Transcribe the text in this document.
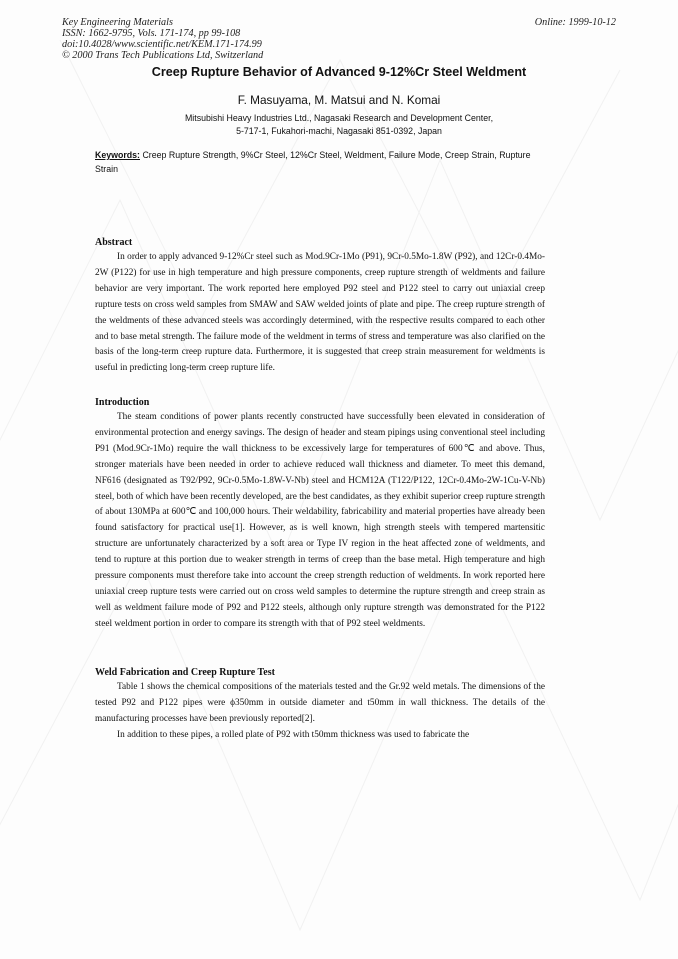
Key Engineering Materials
ISSN: 1662-9795, Vols. 171-174, pp 99-108
doi:10.4028/www.scientific.net/KEM.171-174.99
© 2000 Trans Tech Publications Ltd, Switzerland
Online: 1999-10-12
Creep Rupture Behavior of Advanced 9-12%Cr Steel Weldment
F. Masuyama, M. Matsui and N. Komai
Mitsubishi Heavy Industries Ltd., Nagasaki Research and Development Center,
5-717-1, Fukahori-machi, Nagasaki 851-0392, Japan
Keywords: Creep Rupture Strength, 9%Cr Steel, 12%Cr Steel, Weldment, Failure Mode, Creep Strain, Rupture Strain
Abstract

In order to apply advanced 9-12%Cr steel such as Mod.9Cr-1Mo (P91), 9Cr-0.5Mo-1.8W (P92), and 12Cr-0.4Mo-2W (P122) for use in high temperature and high pressure components, creep rupture strength of weldments and failure behavior are very important. The work reported here employed P92 steel and P122 steel to carry out uniaxial creep rupture tests on cross weld samples from SMAW and SAW welded joints of plate and pipe. The creep rupture strength of the weldments of these advanced steels was accordingly determined, with the respective results compared to each other and to base metal strength. The failure mode of the weldment in terms of stress and temperature was also clarified on the basis of the long-term creep rupture data. Furthermore, it is suggested that creep strain measurement for weldments is useful in predicting long-term creep rupture life.

Introduction

The steam conditions of power plants recently constructed have successfully been elevated in consideration of environmental protection and energy savings. The design of header and steam pipings using conventional steel including P91 (Mod.9Cr-1Mo) require the wall thickness to be excessively large for temperatures of 600℃ and above. Thus, stronger materials have been needed in order to achieve reduced wall thickness and diameter. To meet this demand, NF616 (designated as T92/P92, 9Cr-0.5Mo-1.8W-V-Nb) steel and HCM12A (T122/P122, 12Cr-0.4Mo-2W-1Cu-V-Nb) steel, both of which have been recently developed, are the best candidates, as they exhibit superior creep rupture strength of about 130MPa at 600℃ and 100,000 hours. Their weldability, fabricability and material properties have already been found satisfactory for practical use[1]. However, as is well known, high strength steels with tempered martensitic structure are unfortunately characterized by a soft area or Type IV region in the heat affected zone of weldments, and tend to rupture at this portion due to weaker strength in terms of creep than the base metal. High temperature and high pressure components must therefore take into account the creep strength reduction of weldments. In work reported here uniaxial creep rupture tests were carried out on cross weld samples to determine the rupture strength and creep strain as well as weldment failure mode of P92 and P122 steels, although only rupture strength was demonstrated for the P122 steel weldment portion in order to compare its strength with that of P92 steel weldments.

Weld Fabrication and Creep Rupture Test

Table 1 shows the chemical compositions of the materials tested and the Gr.92 weld metals. The dimensions of the tested P92 and P122 pipes were ϕ350mm in outside diameter and t50mm in wall thickness. The details of the manufacturing processes have been previously reported[2].

In addition to these pipes, a rolled plate of P92 with t50mm thickness was used to fabricate the
